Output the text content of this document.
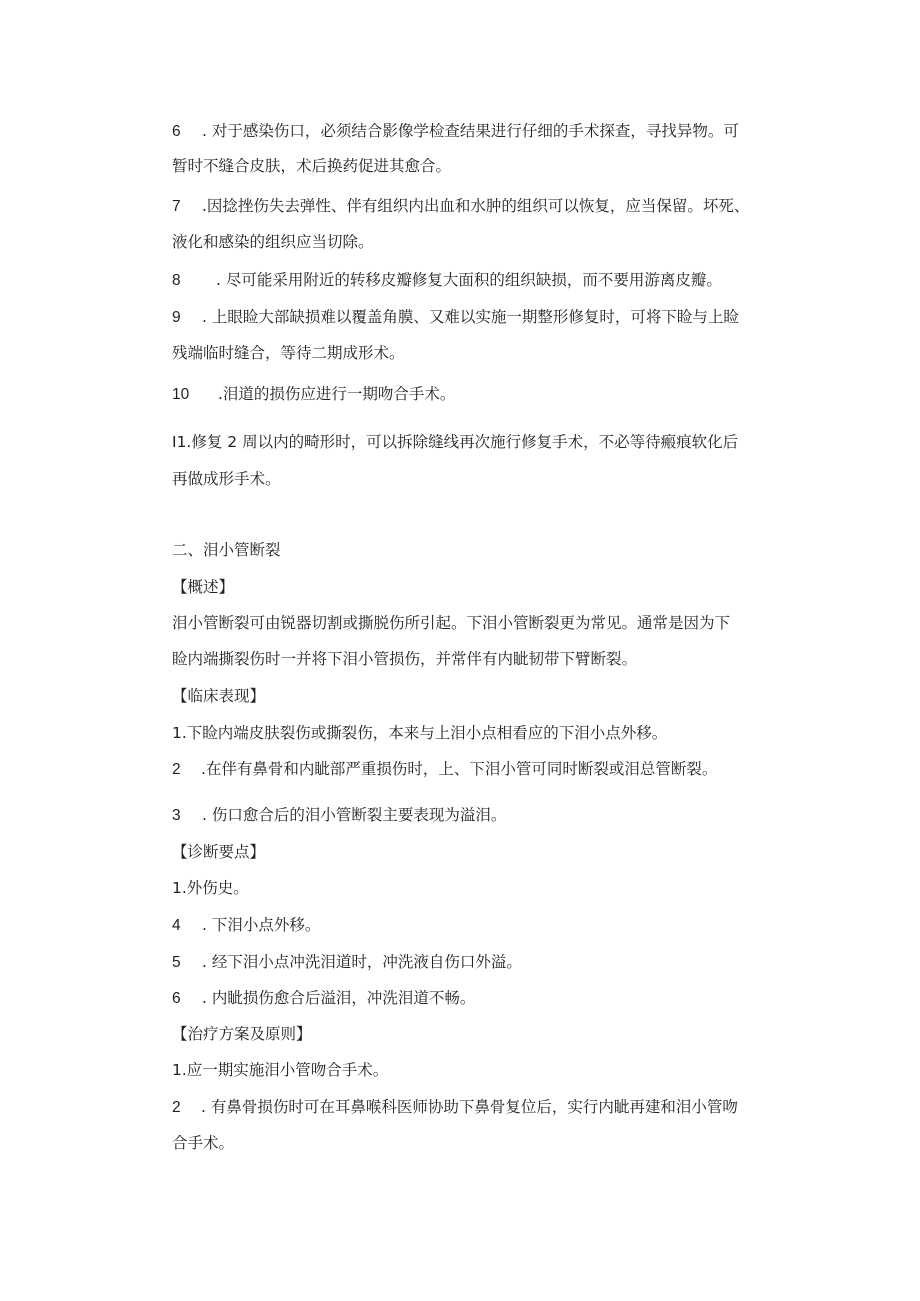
6 . 对于感染伤口，必须结合影像学检查结果进行仔细的手术探查，寻找异物。可

暂时不缝合皮肤，术后换药促进其愈合。

7 .因捻挫伤失去弹性、伴有组织内出血和水肿的组织可以恢复，应当保留。坏死、

液化和感染的组织应当切除。

8 . 尽可能采用附近的转移皮瓣修复大面积的组织缺损，而不要用游离皮瓣。

9 . 上眼睑大部缺损难以覆盖角膜、又难以实施一期整形修复时，可将下睑与上睑

残端临时缝合，等待二期成形术。

10 .泪道的损伤应进行一期吻合手术。

I1.修复 2 周以内的畸形时，可以拆除缝线再次施行修复手术，不必等待瘢痕软化后

再做成形手术。

二、泪小管断裂

【概述】

泪小管断裂可由锐器切割或撕脱伤所引起。下泪小管断裂更为常见。通常是因为下

睑内端撕裂伤时一并将下泪小管损伤，并常伴有内眦韧带下臂断裂。

【临床表现】

1.下睑内端皮肤裂伤或撕裂伤，本来与上泪小点相看应的下泪小点外移。

2 .在伴有鼻骨和内眦部严重损伤时，上、下泪小管可同时断裂或泪总管断裂。

3 . 伤口愈合后的泪小管断裂主要表现为溢泪。

【诊断要点】

1.外伤史。

4 . 下泪小点外移。

5 . 经下泪小点冲洗泪道时，冲洗液自伤口外溢。

6 . 内眦损伤愈合后溢泪，冲洗泪道不畅。

【治疗方案及原则】

1.应一期实施泪小管吻合手术。

2 . 有鼻骨损伤时可在耳鼻喉科医师协助下鼻骨复位后，实行内眦再建和泪小管吻

合手术。
